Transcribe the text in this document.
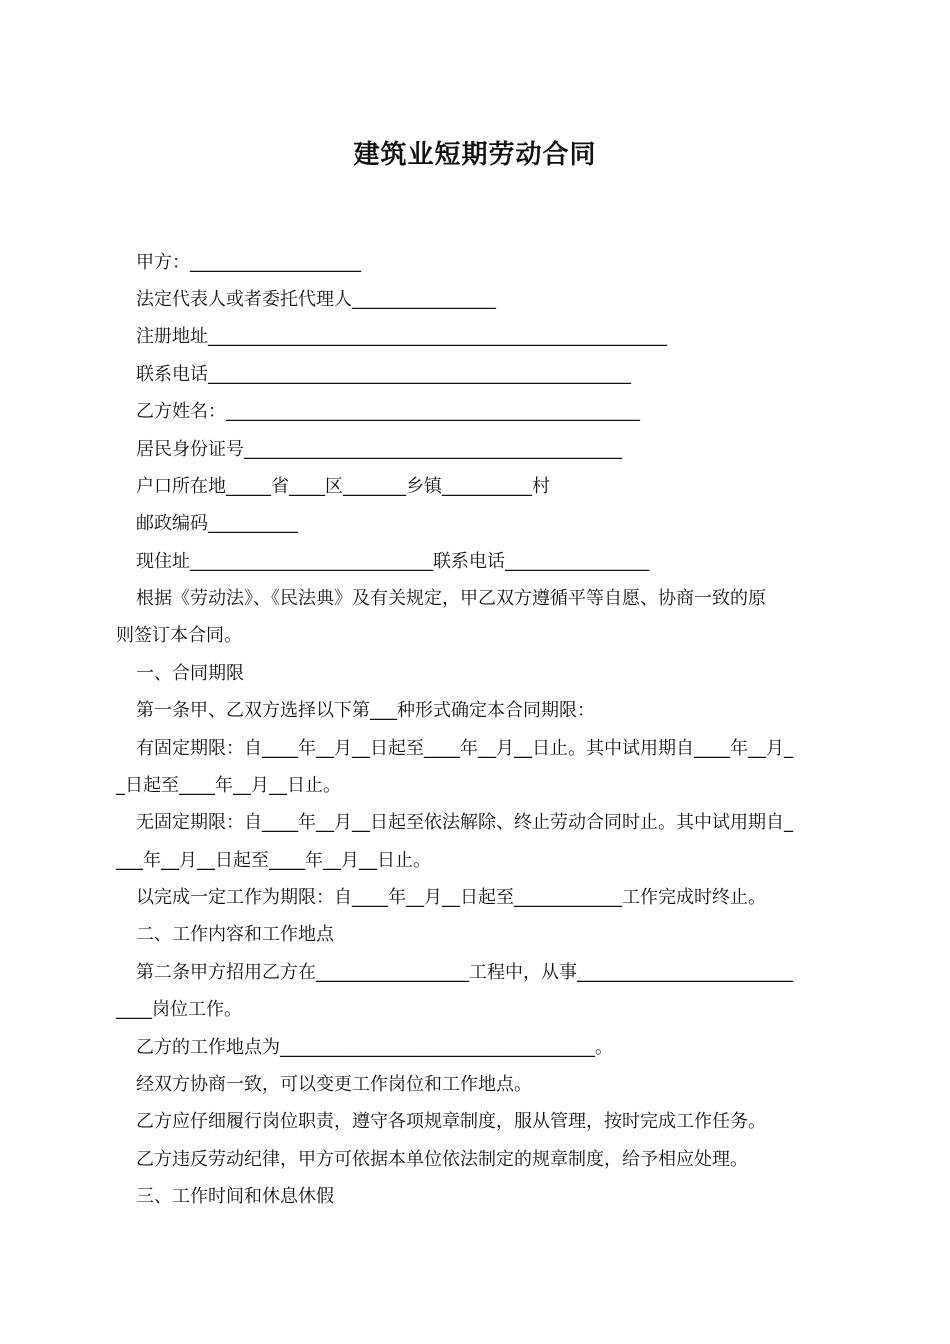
建筑业短期劳动合同
甲方：___________________
法定代表人或者委托代理人________________
注册地址___________________________________________________
联系电话_______________________________________________
乙方姓名：______________________________________________
居民身份证号__________________________________________
户口所在地_____省____区_______乡镇__________村
邮政编码__________
现住址___________________________联系电话________________
根据《劳动法》、《民法典》及有关规定，甲乙双方遵循平等自愿、协商一致的原
则签订本合同。
一、合同期限
第一条甲、乙双方选择以下第___种形式确定本合同期限：
有固定期限：自____年__月__日起至____年__月__日止。其中试用期自____年__月_
_日起至____年__月__日止。
无固定期限：自____年__月__日起至依法解除、终止劳动合同时止。其中试用期自_
___年__月__日起至____年__月__日止。
以完成一定工作为期限：自____年__月__日起至____________工作完成时终止。
二、工作内容和工作地点
第二条甲方招用乙方在_________________工程中，从事________________________
____岗位工作。
乙方的工作地点为___________________________________。
经双方协商一致，可以变更工作岗位和工作地点。
乙方应仔细履行岗位职责，遵守各项规章制度，服从管理，按时完成工作任务。
乙方违反劳动纪律，甲方可依据本单位依法制定的规章制度，给予相应处理。
三、工作时间和休息休假
